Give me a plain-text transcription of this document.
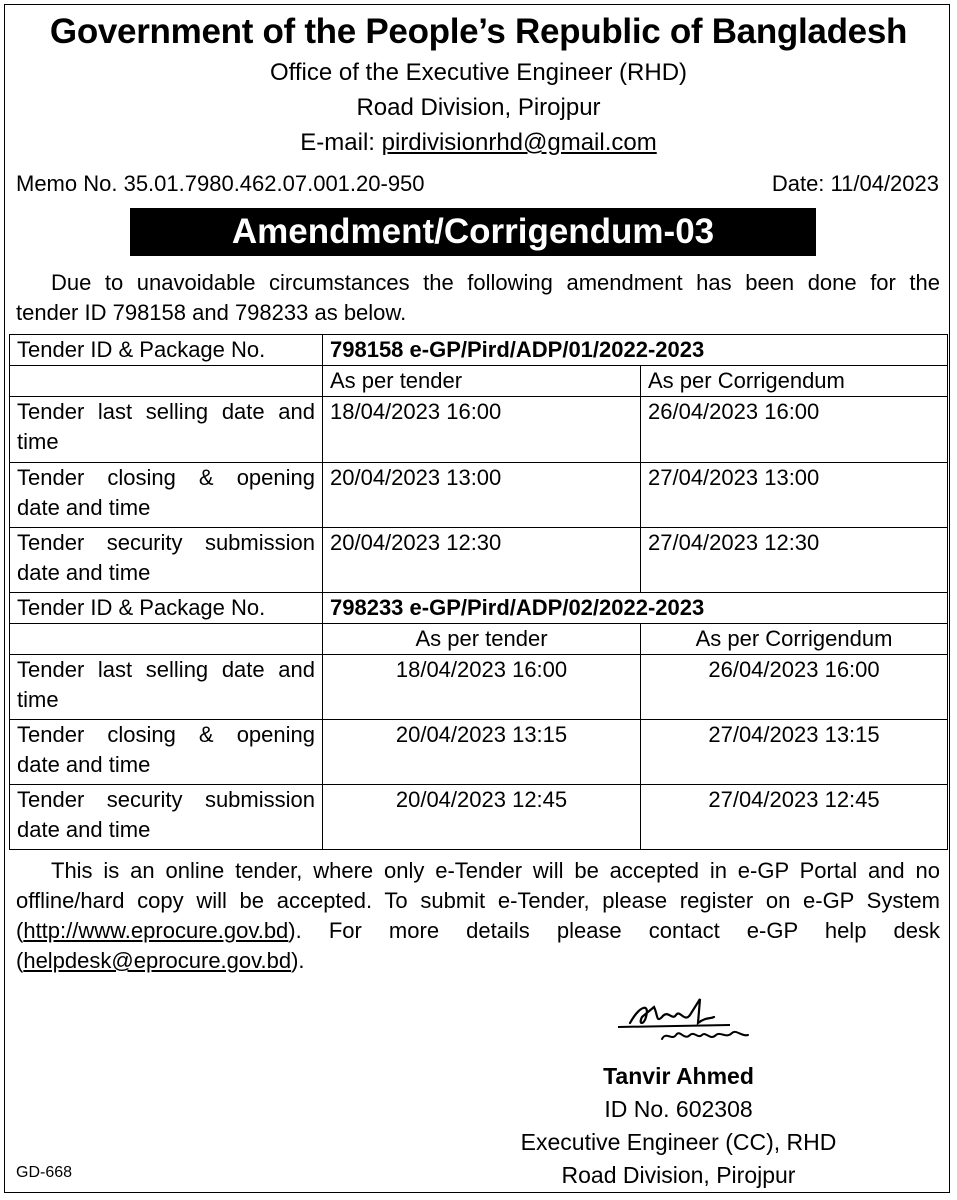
Government of the People’s Republic of Bangladesh
Office of the Executive Engineer (RHD)
Road Division, Pirojpur
E-mail: pirdivisionrhd@gmail.com
Memo No. 35.01.7980.462.07.001.20-950	Date: 11/04/2023
Amendment/Corrigendum-03
Due to unavoidable circumstances the following amendment has been done for the
tender ID 798158 and 798233 as below.
Tender ID & Package No.	798158 e-GP/Pird/ADP/01/2022-2023	
	As per tender	As per Corrigendum

Tender last selling date and
time	18/04/2023 16:00	26/04/2023 16:00

Tender closing & opening
date and time	20/04/2023 13:00	27/04/2023 13:00

Tender security submission
date and time	20/04/2023 12:30	27/04/2023 12:30
Tender ID & Package No.	798233 e-GP/Pird/ADP/02/2022-2023	
	As per tender	As per Corrigendum

Tender last selling date and
time	18/04/2023 16:00	26/04/2023 16:00

Tender closing & opening
date and time	20/04/2023 13:15	27/04/2023 13:15

Tender security submission
date and time	20/04/2023 12:45	27/04/2023 12:45
This is an online tender, where only e-Tender will be accepted in e-GP Portal and no
offline/hard copy will be accepted. To submit e-Tender, please register on e-GP System
(http://www.eprocure.gov.bd). For more details please contact e-GP help desk
(helpdesk@eprocure.gov.bd).
Tanvir Ahmed
ID No. 602308
Executive Engineer (CC), RHD
Road Division, Pirojpur
GD-668
